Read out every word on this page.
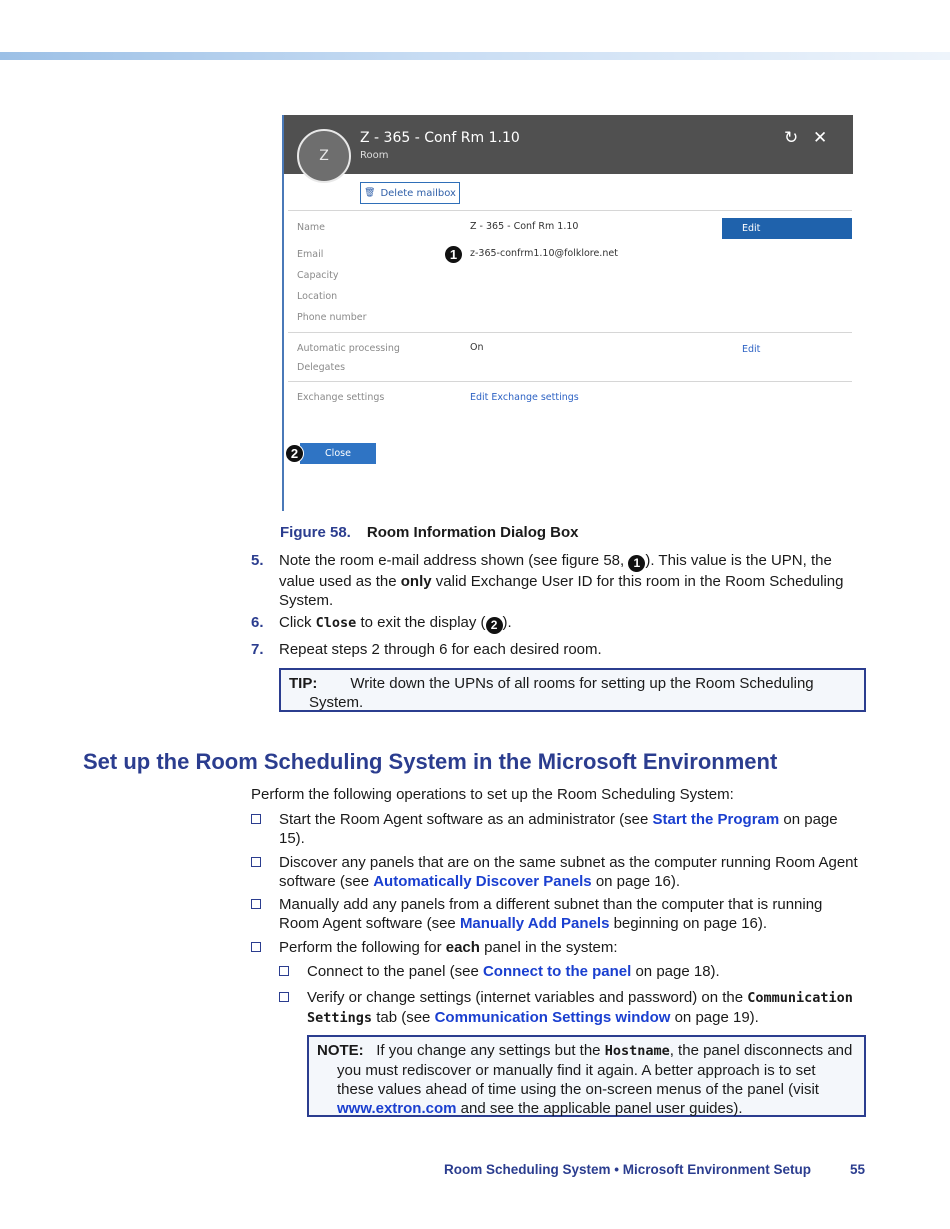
Z
Z - 365 - Conf Rm 1.10
Room
↻ ✕
🗑 Delete mailbox
Name	Z - 365 - Conf Rm 1.10	Edit
Email	1	z-365-confrm1.10@folklore.net
Capacity
Location
Phone number
Automatic processing	On	Edit
Delegates
Exchange settings	Edit Exchange settings
Close
2
Figure 58. Room Information Dialog Box
5. Note the room e-mail address shown (see figure 58, 1 ). This value is the UPN, the value used as the only valid Exchange User ID for this room in the Room Scheduling System.
6. Click Close to exit the display ( 2 ).
7. Repeat steps 2 through 6 for each desired room.
TIP: Write down the UPNs of all rooms for setting up the Room Scheduling System.
Set up the Room Scheduling System in the Microsoft Environment
Perform the following operations to set up the Room Scheduling System:
Start the Room Agent software as an administrator (see Start the Program on page 15).
Discover any panels that are on the same subnet as the computer running Room Agent software (see Automatically Discover Panels on page 16).
Manually add any panels from a different subnet than the computer that is running Room Agent software (see Manually Add Panels beginning on page 16).
Perform the following for each panel in the system:
Connect to the panel (see Connect to the panel on page 18).
Verify or change settings (internet variables and password) on the Communication Settings tab (see Communication Settings window on page 19).
NOTE: If you change any settings but the Hostname, the panel disconnects and you must rediscover or manually find it again. A better approach is to set these values ahead of time using the on-screen menus of the panel (visit www.extron.com and see the applicable panel user guides).
Room Scheduling System • Microsoft Environment Setup	55
